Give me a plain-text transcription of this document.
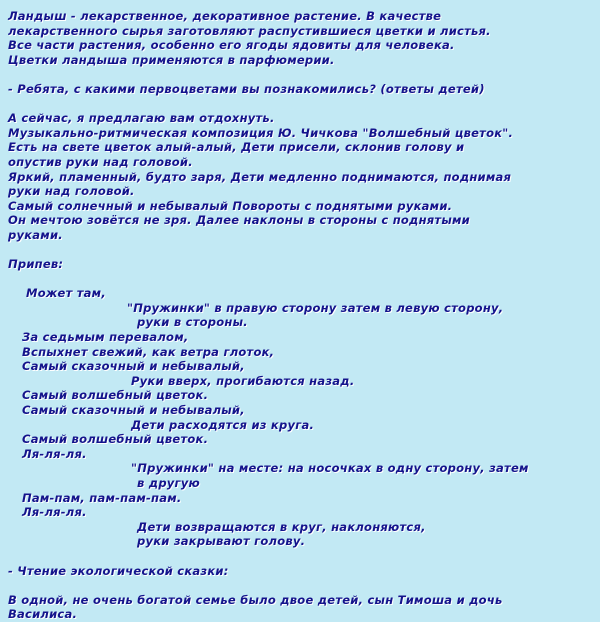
Ландыш - лекарственное, декоративное растение. В качестве
лекарственного сырья заготовляют распустившиеся цветки и листья.
Все части растения, особенно его ягоды ядовиты для человека.
Цветки ландыша применяются в парфюмерии.
- Ребята, с какими первоцветами вы познакомились? (ответы детей)
А сейчас, я предлагаю вам отдохнуть.
Музыкально-ритмическая композиция Ю. Чичкова "Волшебный цветок".
Есть на свете цветок алый-алый, Дети присели, склонив голову и
опустив руки над головой.
Яркий, пламенный, будто заря, Дети медленно поднимаются, поднимая
руки над головой.
Самый солнечный и небывалый Повороты с поднятыми руками.
Он мечтою зовётся не зря. Далее наклоны в стороны с поднятыми
руками.
Припев:
Может там,
"Пружинки" в правую сторону затем в левую сторону,
руки в стороны.
За седьмым перевалом,
Вспыхнет свежий, как ветра глоток,
Самый сказочный и небывалый,
Руки вверх, прогибаются назад.
Самый волшебный цветок.
Самый сказочный и небывалый,
Дети расходятся из круга.
Самый волшебный цветок.
Ля-ля-ля.
"Пружинки" на месте: на носочках в одну сторону, затем
в другую
Пам-пам, пам-пам-пам.
Ля-ля-ля.
Дети возвращаются в круг, наклоняются,
руки закрывают голову.
- Чтение экологической сказки:
В одной, не очень богатой семье было двое детей, сын Тимоша и дочь
Василиса.
